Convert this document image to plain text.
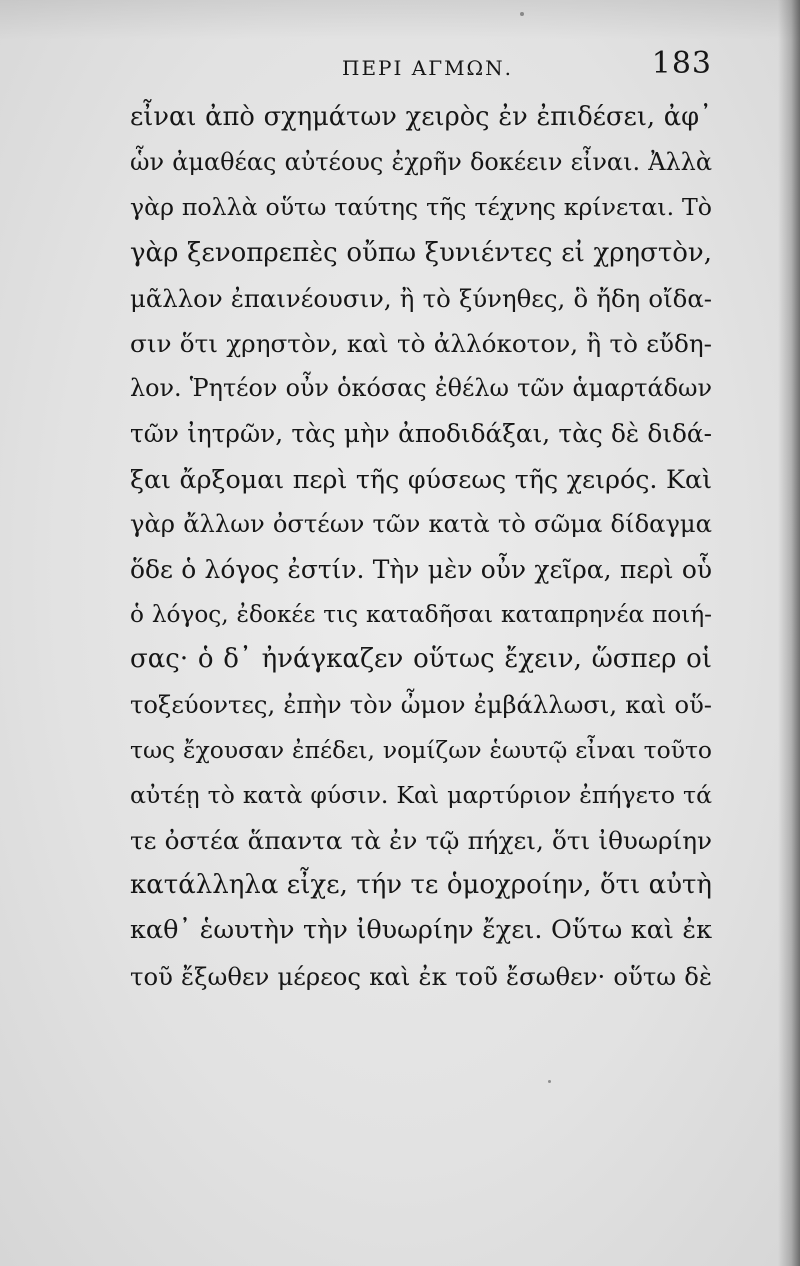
ΠΕΡΙ ΑΓΜΩΝ.	183
εἶναι ἀπὸ σχημάτων χειρὸς ἐν ἐπιδέσει, ἀφ᾽
ὧν ἀμαθέας αὐτέους ἐχρῆν δοκέειν εἶναι. Ἀλλὰ
γὰρ πολλὰ οὕτω ταύτης τῆς τέχνης κρίνεται. Τὸ
γὰρ ξενοπρεπὲς οὔπω ξυνιέντες εἰ χρηστὸν,
μᾶλλον ἐπαινέουσιν, ἢ τὸ ξύνηθες, ὃ ἤδη οἴδα-
σιν ὅτι χρηστὸν, καὶ τὸ ἀλλόκοτον, ἢ τὸ εὔδη-
λον. Ῥητέον οὖν ὁκόσας ἐθέλω τῶν ἁμαρτάδων
τῶν ἰητρῶν, τὰς μὴν ἀποδιδάξαι, τὰς δὲ διδά-
ξαι ἄρξομαι περὶ τῆς φύσεως τῆς χειρός. Καὶ
γὰρ ἄλλων ὀστέων τῶν κατὰ τὸ σῶμα δίδαγμα
ὅδε ὁ λόγος ἐστίν. Τὴν μὲν οὖν χεῖρα, περὶ οὗ
ὁ λόγος, ἐδοκέε τις καταδῆσαι καταπρηνέα ποιή-
σας· ὁ δ᾽ ἠνάγκαζεν οὕτως ἔχειν, ὥσπερ οἱ
τοξεύοντες, ἐπὴν τὸν ὦμον ἐμβάλλωσι, καὶ οὕ-
τως ἔχουσαν ἐπέδει, νομίζων ἑωυτῷ εἶναι τοῦτο
αὐτέῃ τὸ κατὰ φύσιν. Καὶ μαρτύριον ἐπήγετο τά
τε ὀστέα ἅπαντα τὰ ἐν τῷ πήχει, ὅτι ἰθυωρίην
κατάλληλα εἶχε, τήν τε ὁμοχροίην, ὅτι αὐτὴ
καθ᾽ ἑωυτὴν τὴν ἰθυωρίην ἔχει. Οὕτω καὶ ἐκ
τοῦ ἔξωθεν μέρεος καὶ ἐκ τοῦ ἔσωθεν· οὕτω δὲ
